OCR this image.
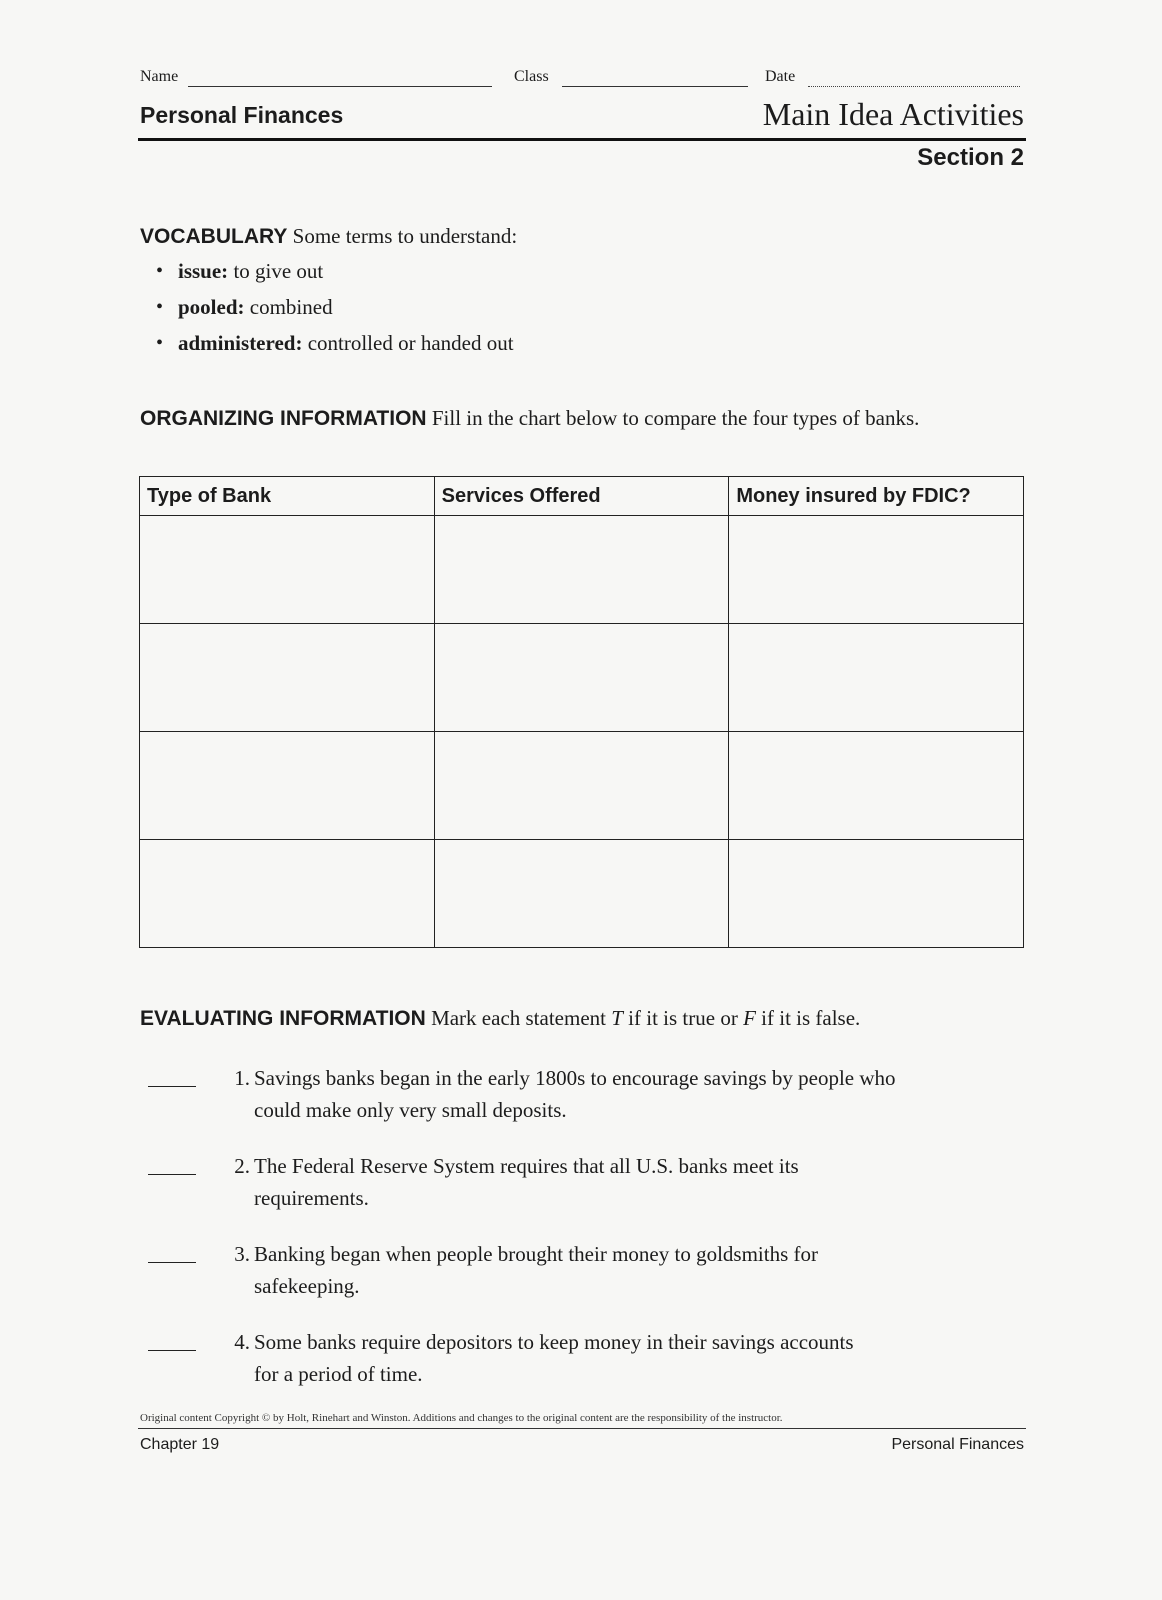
Name	Class	Date
Personal Finances	Main Idea Activities
Section 2
VOCABULARY Some terms to understand:
• issue: to give out
• pooled: combined
• administered: controlled or handed out
ORGANIZING INFORMATION Fill in the chart below to compare the four types of banks.
Type of Bank	Services Offered	Money insured by FDIC?

EVALUATING INFORMATION Mark each statement T if it is true or F if it is false.
1. Savings banks began in the early 1800s to encourage savings by people who
could make only very small deposits.
2. The Federal Reserve System requires that all U.S. banks meet its
requirements.
3. Banking began when people brought their money to goldsmiths for
safekeeping.
4. Some banks require depositors to keep money in their savings accounts
for a period of time.
Original content Copyright © by Holt, Rinehart and Winston. Additions and changes to the original content are the responsibility of the instructor.
Chapter 19	Personal Finances
